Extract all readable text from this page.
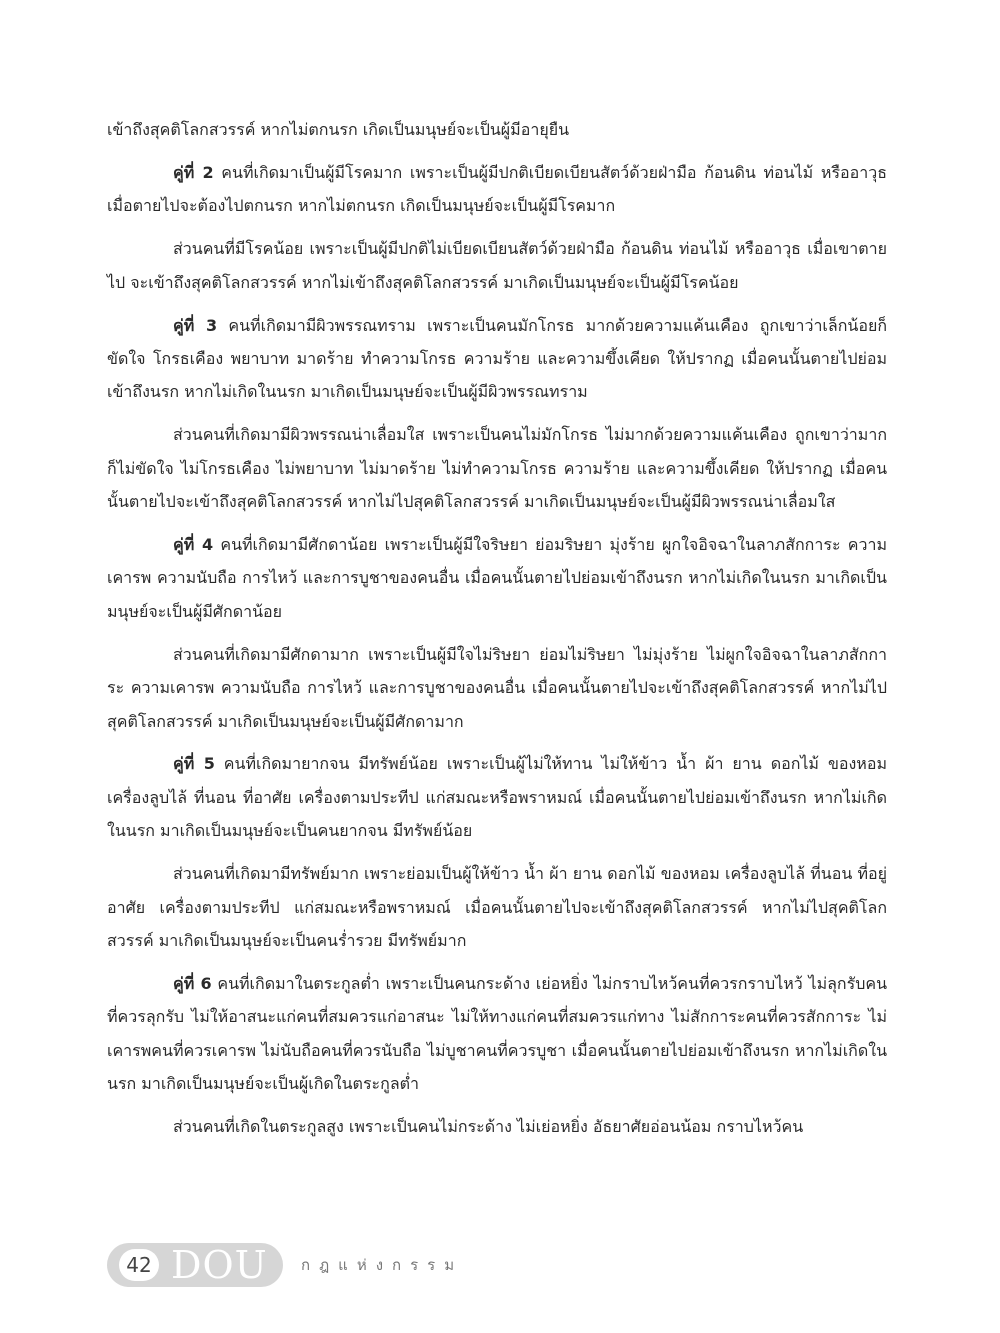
เข้าถึงสุคติโลกสวรรค์ หากไม่ตกนรก เกิดเป็นมนุษย์จะเป็นผู้มีอายุยืน

คู่ที่ 2 คนที่เกิดมาเป็นผู้มีโรคมาก เพราะเป็นผู้มีปกติเบียดเบียนสัตว์ด้วยฝ่ามือ ก้อนดิน ท่อนไม้ หรืออาวุธ เมื่อตายไปจะต้องไปตกนรก หากไม่ตกนรก เกิดเป็นมนุษย์จะเป็นผู้มีโรคมาก

ส่วนคนที่มีโรคน้อย เพราะเป็นผู้มีปกติไม่เบียดเบียนสัตว์ด้วยฝ่ามือ ก้อนดิน ท่อนไม้ หรืออาวุธ เมื่อเขาตายไป จะเข้าถึงสุคติโลกสวรรค์ หากไม่เข้าถึงสุคติโลกสวรรค์ มาเกิดเป็นมนุษย์จะเป็นผู้มีโรคน้อย

คู่ที่ 3 คนที่เกิดมามีผิวพรรณทราม เพราะเป็นคนมักโกรธ มากด้วยความแค้นเคือง ถูกเขาว่าเล็กน้อยก็ขัดใจ โกรธเคือง พยาบาท มาดร้าย ทำความโกรธ ความร้าย และความขึ้งเคียด ให้ปรากฏ เมื่อคนนั้นตายไปย่อมเข้าถึงนรก หากไม่เกิดในนรก มาเกิดเป็นมนุษย์จะเป็นผู้มีผิวพรรณทราม

ส่วนคนที่เกิดมามีผิวพรรณน่าเลื่อมใส เพราะเป็นคนไม่มักโกรธ ไม่มากด้วยความแค้นเคือง ถูกเขาว่ามากก็ไม่ขัดใจ ไม่โกรธเคือง ไม่พยาบาท ไม่มาดร้าย ไม่ทำความโกรธ ความร้าย และความขึ้งเคียด ให้ปรากฏ เมื่อคนนั้นตายไปจะเข้าถึงสุคติโลกสวรรค์ หากไม่ไปสุคติโลกสวรรค์ มาเกิดเป็นมนุษย์จะเป็นผู้มีผิวพรรณน่าเลื่อมใส

คู่ที่ 4 คนที่เกิดมามีศักดาน้อย เพราะเป็นผู้มีใจริษยา ย่อมริษยา มุ่งร้าย ผูกใจอิจฉาในลาภสักการะ ความเคารพ ความนับถือ การไหว้ และการบูชาของคนอื่น เมื่อคนนั้นตายไปย่อมเข้าถึงนรก หากไม่เกิดในนรก มาเกิดเป็นมนุษย์จะเป็นผู้มีศักดาน้อย

ส่วนคนที่เกิดมามีศักดามาก เพราะเป็นผู้มีใจไม่ริษยา ย่อมไม่ริษยา ไม่มุ่งร้าย ไม่ผูกใจอิจฉาในลาภสักการะ ความเคารพ ความนับถือ การไหว้ และการบูชาของคนอื่น เมื่อคนนั้นตายไปจะเข้าถึงสุคติโลกสวรรค์ หากไม่ไปสุคติโลกสวรรค์ มาเกิดเป็นมนุษย์จะเป็นผู้มีศักดามาก

คู่ที่ 5 คนที่เกิดมายากจน มีทรัพย์น้อย เพราะเป็นผู้ไม่ให้ทาน ไม่ให้ข้าว น้ำ ผ้า ยาน ดอกไม้ ของหอม เครื่องลูบไล้ ที่นอน ที่อาศัย เครื่องตามประทีป แก่สมณะหรือพราหมณ์ เมื่อคนนั้นตายไปย่อมเข้าถึงนรก หากไม่เกิดในนรก มาเกิดเป็นมนุษย์จะเป็นคนยากจน มีทรัพย์น้อย

ส่วนคนที่เกิดมามีทรัพย์มาก เพราะย่อมเป็นผู้ให้ข้าว น้ำ ผ้า ยาน ดอกไม้ ของหอม เครื่องลูบไล้ ที่นอน ที่อยู่อาศัย เครื่องตามประทีป แก่สมณะหรือพราหมณ์ เมื่อคนนั้นตายไปจะเข้าถึงสุคติโลกสวรรค์ หากไม่ไปสุคติโลกสวรรค์ มาเกิดเป็นมนุษย์จะเป็นคนร่ำรวย มีทรัพย์มาก

คู่ที่ 6 คนที่เกิดมาในตระกูลต่ำ เพราะเป็นคนกระด้าง เย่อหยิ่ง ไม่กราบไหว้คนที่ควรกราบไหว้ ไม่ลุกรับคนที่ควรลุกรับ ไม่ให้อาสนะแก่คนที่สมควรแก่อาสนะ ไม่ให้ทางแก่คนที่สมควรแก่ทาง ไม่สักการะคนที่ควรสักการะ ไม่เคารพคนที่ควรเคารพ ไม่นับถือคนที่ควรนับถือ ไม่บูชาคนที่ควรบูชา เมื่อคนนั้นตายไปย่อมเข้าถึงนรก หากไม่เกิดในนรก มาเกิดเป็นมนุษย์จะเป็นผู้เกิดในตระกูลต่ำ

ส่วนคนที่เกิดในตระกูลสูง เพราะเป็นคนไม่กระด้าง ไม่เย่อหยิ่ง อัธยาศัยอ่อนน้อม กราบไหว้คน

42 DOU กฎแห่งกรรม
